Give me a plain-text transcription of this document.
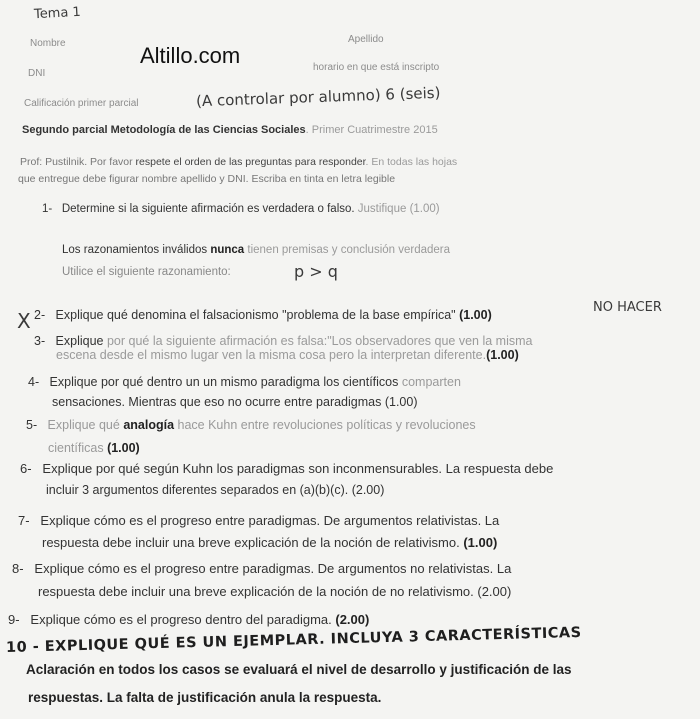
Tema 1
Nombre	Apellido
Altillo.com
DNI
horario en que está inscripto
Calificación primer parcial	(A controlar por alumno) 6 (seis)
Segundo parcial Metodología de las Ciencias Sociales. Primer Cuatrimestre 2015
Prof: Pustilnik. Por favor respete el orden de las preguntas para responder. En todas las hojas
que entregue debe figurar nombre apellido y DNI. Escriba en tinta en letra legible
1- Determine si la siguiente afirmación es verdadera o falso. Justifique (1.00)
Los razonamientos inválidos nunca tienen premisas y conclusión verdadera
Utilice el siguiente razonamiento:	p > q
X 2- Explique qué denomina el falsacionismo "problema de la base empírica" (1.00)	NO HACER
3- Explique por qué la siguiente afirmación es falsa:"Los observadores que ven la misma
escena desde el mismo lugar ven la misma cosa pero la interpretan diferente.(1.00)
4- Explique por qué dentro un un mismo paradigma los científicos comparten
sensaciones. Mientras que eso no ocurre entre paradigmas (1.00)
5- Explique qué analogía hace Kuhn entre revoluciones políticas y revoluciones
científicas (1.00)
6- Explique por qué según Kuhn los paradigmas son inconmensurables. La respuesta debe
incluir 3 argumentos diferentes separados en (a)(b)(c). (2.00)
7- Explique cómo es el progreso entre paradigmas. De argumentos relativistas. La
respuesta debe incluir una breve explicación de la noción de relativismo. (1.00)
8- Explique cómo es el progreso entre paradigmas. De argumentos no relativistas. La
respuesta debe incluir una breve explicación de la noción de no relativismo. (2.00)
9- Explique cómo es el progreso dentro del paradigma. (2.00)
10 - EXPLIQUE QUÉ ES UN EJEMPLAR. INCLUYA 3 CARACTERÍSTICAS
Aclaración en todos los casos se evaluará el nivel de desarrollo y justificación de las
respuestas. La falta de justificación anula la respuesta.
